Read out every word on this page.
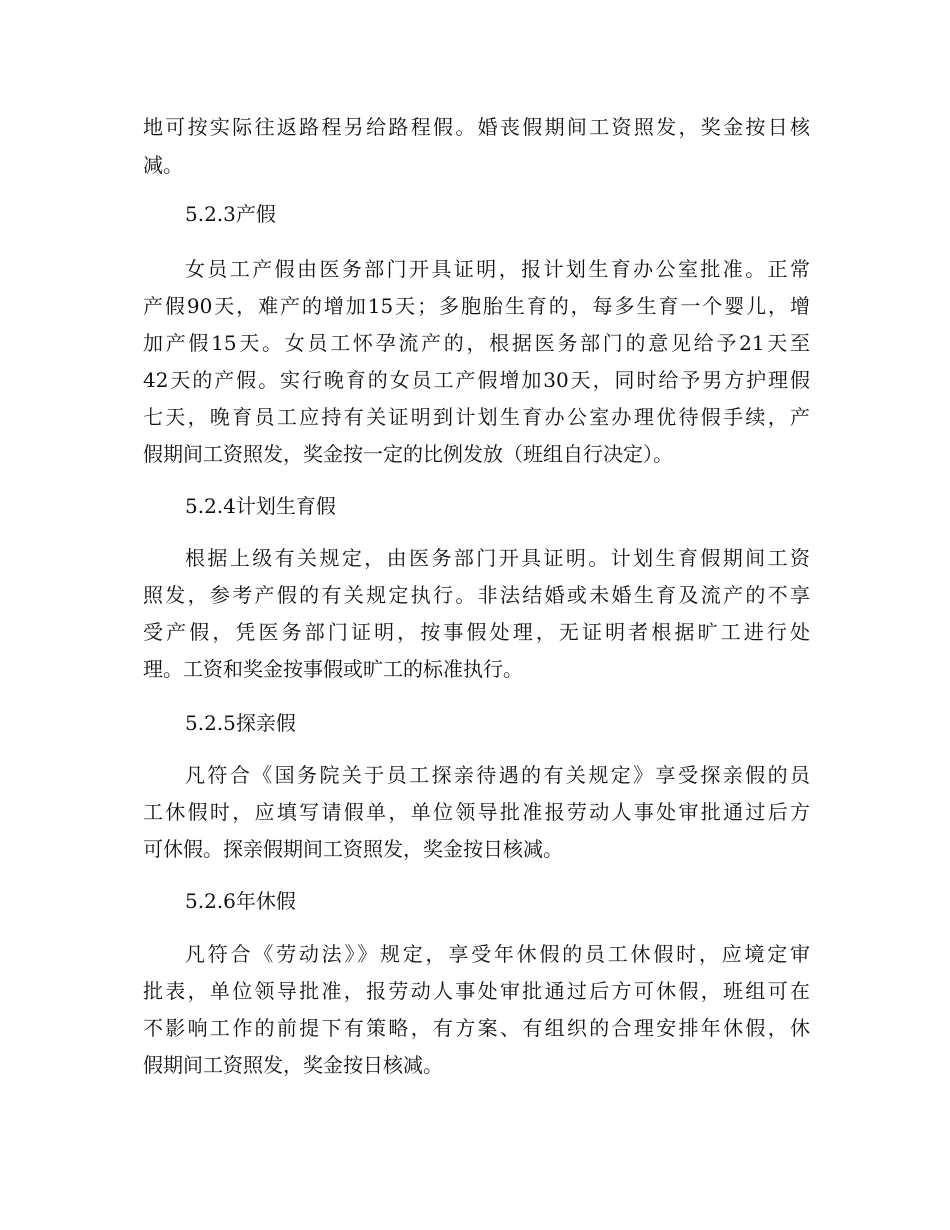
地可按实际往返路程另给路程假。婚丧假期间工资照发，奖金按日核
减。
5.2.3产假
女员工产假由医务部门开具证明，报计划生育办公室批准。正常
产假90天，难产的增加15天；多胞胎生育的，每多生育一个婴儿，增
加产假15天。女员工怀孕流产的，根据医务部门的意见给予21天至
42天的产假。实行晚育的女员工产假增加30天，同时给予男方护理假
七天，晚育员工应持有关证明到计划生育办公室办理优待假手续，产
假期间工资照发，奖金按一定的比例发放（班组自行决定）。
5.2.4计划生育假
根据上级有关规定，由医务部门开具证明。计划生育假期间工资
照发，参考产假的有关规定执行。非法结婚或未婚生育及流产的不享
受产假，凭医务部门证明，按事假处理，无证明者根据旷工进行处
理。工资和奖金按事假或旷工的标准执行。
5.2.5探亲假
凡符合《国务院关于员工探亲待遇的有关规定》享受探亲假的员
工休假时，应填写请假单，单位领导批准报劳动人事处审批通过后方
可休假。探亲假期间工资照发，奖金按日核减。
5.2.6年休假
凡符合《劳动法》》规定，享受年休假的员工休假时，应境定审
批表，单位领导批准，报劳动人事处审批通过后方可休假，班组可在
不影响工作的前提下有策略，有方案、有组织的合理安排年休假，休
假期间工资照发，奖金按日核减。
